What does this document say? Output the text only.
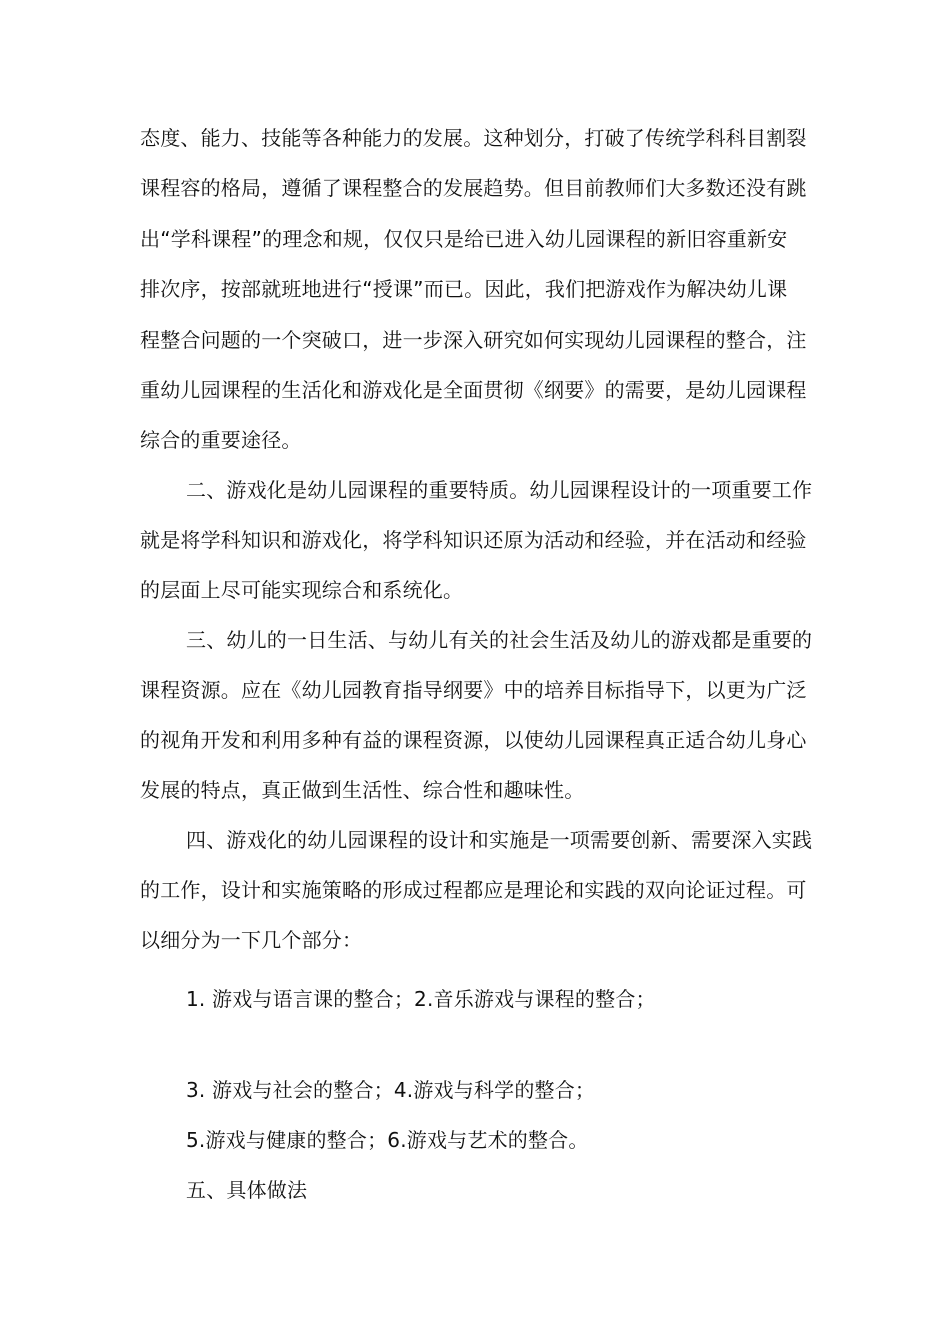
态度、能力、技能等各种能力的发展。这种划分，打破了传统学科科目割裂
课程容的格局，遵循了课程整合的发展趋势。但目前教师们大多数还没有跳
出“学科课程”的理念和规，仅仅只是给已进入幼儿园课程的新旧容重新安
排次序，按部就班地进行“授课”而已。因此，我们把游戏作为解决幼儿课
程整合问题的一个突破口，进一步深入研究如何实现幼儿园课程的整合，注
重幼儿园课程的生活化和游戏化是全面贯彻《纲要》的需要，是幼儿园课程
综合的重要途径。
二、游戏化是幼儿园课程的重要特质。幼儿园课程设计的一项重要工作
就是将学科知识和游戏化，将学科知识还原为活动和经验，并在活动和经验
的层面上尽可能实现综合和系统化。
三、幼儿的一日生活、与幼儿有关的社会生活及幼儿的游戏都是重要的
课程资源。应在《幼儿园教育指导纲要》中的培养目标指导下，以更为广泛
的视角开发和利用多种有益的课程资源，以使幼儿园课程真正适合幼儿身心
发展的特点，真正做到生活性、综合性和趣味性。
四、游戏化的幼儿园课程的设计和实施是一项需要创新、需要深入实践
的工作，设计和实施策略的形成过程都应是理论和实践的双向论证过程。可
以细分为一下几个部分：
1. 游戏与语言课的整合；2.音乐游戏与课程的整合；
3. 游戏与社会的整合；4.游戏与科学的整合；
5.游戏与健康的整合；6.游戏与艺术的整合。
五、具体做法
